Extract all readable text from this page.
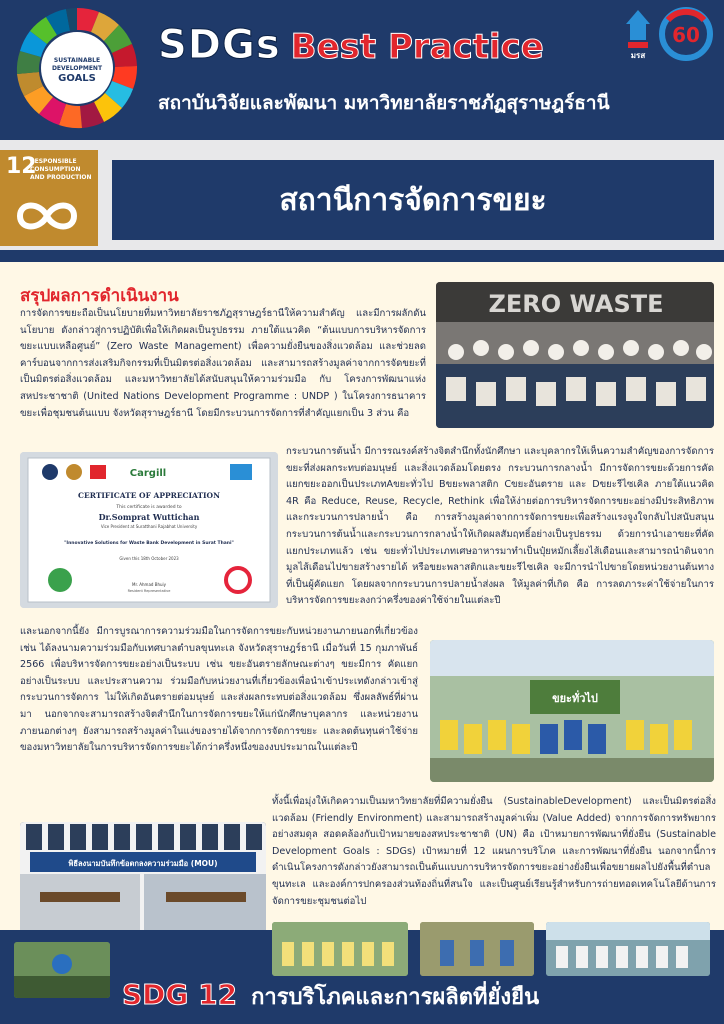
SUSTAINABLE
DEVELOPMENT
GOALS
SDGs Best Practice
สถาบันวิจัยและพัฒนา มหาวิทยาลัยราชภัฏสุราษฎร์ธานี
มรส
60
12
RESPONSIBLE
CONSUMPTION
AND PRODUCTION
สถานีการจัดการขยะ
สรุปผลการดำเนินงาน

การจัดการขยะถือเป็นนโยบายที่มหาวิทยาลัยราชภัฏสุราษฎร์ธานีให้ความสำคัญ และมีการผลักดันนโยบาย ดังกล่าวสู่การปฏิบัติเพื่อให้เกิดผลเป็นรูปธรรม ภายใต้แนวคิด “ต้นแบบการบริหารจัดการขยะแบบเหลือศูนย์” (Zero Waste Management) เพื่อความยั่งยืนของสิ่งแวดล้อม และช่วยลดคาร์บอนจากการส่งเสริมกิจกรรมที่เป็นมิตรต่อสิ่งแวดล้อม และสามารถสร้างมูลค่าจากการจัดขยะที่เป็นมิตรต่อสิ่งแวดล้อม และมหาวิทยาลัยได้สนับสนุนให้ความร่วมมือ กับ โครงการพัฒนาแห่งสหประชาชาติ (United Nations Development Programme : UNDP ) ในโครงการธนาคารขยะเพื่อชุมชนต้นแบบ จังหวัดสุราษฎร์ธานี โดยมีกระบวนการจัดการที่สำคัญแยกเป็น 3 ส่วน คือ

ZERO WASTE
Cargill
CERTIFICATE OF APPRECIATION
This certificate is awarded to
Dr.Somprat Wuttichan
Vice President at Suratthani Rajabhat University
"Innovative Solutions for Waste Bank Development in Surat Thani"
Given this 18th October 2023
Mr. Ahmad Bhuiy
Resident Representative

กระบวนการต้นน้ำ มีการรณรงค์สร้างจิตสำนึกทั้งนักศึกษา และบุคลากรให้เห็นความสำคัญของการจัดการขยะที่ส่งผลกระทบต่อมนุษย์ และสิ่งแวดล้อมโดยตรง กระบวนการกลางน้ำ มีการจัดการขยะด้วยการคัดแยกขยะออกเป็นประเภทAขยะทั่วไป Bขยะพลาสติก Cขยะอันตราย และ Dขยะรีไซเคิล ภายใต้แนวคิด 4R คือ Reduce, Reuse, Recycle, Rethink เพื่อให้ง่ายต่อการบริหารจัดการขยะอย่างมีประสิทธิภาพ และกระบวนการปลายน้ำ คือ การสร้างมูลค่าจากการจัดการขยะเพื่อสร้างแรงจูงใจกลับไปสนับสนุนกระบวนการต้นน้ำและกระบวนการกลางน้ำให้เกิดผลสัมฤทธิ์อย่างเป็นรูปธรรม ด้วยการนำเอาขยะที่คัดแยกประเภทแล้ว เช่น ขยะทั่วไปประเภทเศษอาหารมาทำเป็นปุ๋ยหมักเลี้ยงไส้เดือนและสามารถนำดินจากมูลไส้เดือนไปขายสร้างรายได้ หรือขยะพลาสติกและขยะรีไซเคิล จะมีการนำไปขายโดยหน่วยงานต้นทางที่เป็นผู้คัดแยก โดยผลจากกระบวนการปลายน้ำส่งผล ให้มูลค่าที่เกิด คือ การลดภาระค่าใช้จ่ายในการบริหารจัดการขยะลงกว่าครึ่งของค่าใช้จ่ายในแต่ละปี

และนอกจากนี้ยัง มีการบูรณาการความร่วมมือในการจัดการขยะกับหน่วยงานภายนอกที่เกี่ยวข้อง เช่น ได้ลงนามความร่วมมือกับเทศบาลตำบลขุนทะเล จังหวัดสุราษฎร์ธานี เมื่อวันที่ 15 กุมภาพันธ์ 2566 เพื่อบริหารจัดการขยะอย่างเป็นระบบ เช่น ขยะอันตรายลักษณะต่างๆ ขยะมีการ คัดแยกอย่างเป็นระบบ และประสานความ ร่วมมือกับหน่วยงานที่เกี่ยวข้องเพื่อนำเข้าประเทดังกล่าวเข้าสู่กระบวนการจัดการ ไม่ให้เกิดอันตรายต่อมนุษย์ และส่งผลกระทบต่อสิ่งแวดล้อม ซึ่งผลลัพธ์ที่ผ่านมา นอกจากจะสามารถสร้างจิตสำนึกในการจัดการขยะให้แก่นักศึกษาบุคลากร และหน่วยงานภายนอกต่างๆ ยังสามารถสร้างมูลค่าในแง่ของรายได้จากการจัดการขยะ และลดต้นทุนค่าใช้จ่ายของมหาวิทยาลัยในการบริหารจัดการขยะได้กว่าครึ่งหนึ่งของงบประมาณในแต่ละปี

ขยะทั่วไป
พิธีลงนามบันทึกข้อตกลงความร่วมมือ (MOU)

ทั้งนี้เพื่อมุ่งให้เกิดความเป็นมหาวิทยาลัยที่มีความยั่งยืน (SustainableDevelopment) และเป็นมิตรต่อสิ่งแวดล้อม (Friendly Environment) และสามารถสร้างมูลค่าเพิ่ม (Value Added) จากการจัดการทรัพยากรอย่างสมดุล สอดคล้องกับเป้าหมายของสหประชาชาติ (UN) คือ เป้าหมายการพัฒนาที่ยั่งยืน (Sustainable Development Goals : SDGs) เป้าหมายที่ 12 แผนการบริโภค และการพัฒนาที่ยั่งยืน นอกจากนี้การดำเนินโครงการดังกล่าวยังสามารถเป็นต้นแบบการบริหารจัดการขยะอย่างยั่งยืนเพื่อขยายผลไปยังพื้นที่ตำบลขุนทะเล และองค์การปกครองส่วนท้องถิ่นที่สนใจ และเป็นศูนย์เรียนรู้สำหรับการถ่ายทอดเทคโนโลยีด้านการจัดการขยะชุมชนต่อไป

SDG 12 การบริโภคและการผลิตที่ยั่งยืน
